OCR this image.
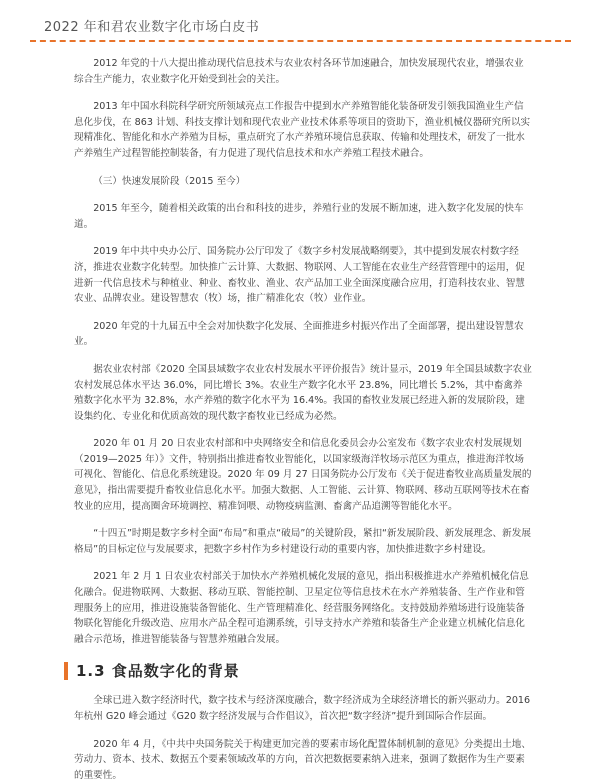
2022 年和君农业数字化市场白皮书

2012 年党的十八大提出推动现代信息技术与农业农村各环节加速融合，加快发展现代农业，增强农业综合生产能力，农业数字化开始受到社会的关注。

2013 年中国水科院科学研究所领域亮点工作报告中提到水产养殖智能化装备研发引领我国渔业生产信息化步伐，在 863 计划、科技支撑计划和现代农业产业技术体系等项目的资助下，渔业机械仪器研究所以实现精准化、智能化和水产养殖为目标，重点研究了水产养殖环境信息获取、传输和处理技术，研发了一批水产养殖生产过程智能控制装备，有力促进了现代信息技术和水产养殖工程技术融合。

（三）快速发展阶段（2015 至今）

2015 年至今，随着相关政策的出台和科技的进步，养殖行业的发展不断加速，进入数字化发展的快车道。

2019 年中共中央办公厅、国务院办公厅印发了《数字乡村发展战略纲要》，其中提到发展农村数字经济，推进农业数字化转型。加快推广云计算、大数据、物联网、人工智能在农业生产经营管理中的运用，促进新一代信息技术与种植业、种业、畜牧业、渔业、农产品加工业全面深度融合应用，打造科技农业、智慧农业、品牌农业。建设智慧农（牧）场，推广精准化农（牧）业作业。

2020 年党的十九届五中全会对加快数字化发展、全面推进乡村振兴作出了全面部署，提出建设智慧农业。

据农业农村部《2020 全国县域数字农业农村发展水平评价报告》统计显示，2019 年全国县域数字农业农村发展总体水平达 36.0%，同比增长 3%。农业生产数字化水平 23.8%，同比增长 5.2%，其中畜禽养殖数字化水平为 32.8%，水产养殖的数字化水平为 16.4%。我国的畜牧业发展已经进入新的发展阶段，建设集约化、专业化和优质高效的现代数字畜牧业已经成为必然。

2020 年 01 月 20 日农业农村部和中央网络安全和信息化委员会办公室发布《数字农业农村发展规划（2019—2025 年）》文件，特别指出推进畜牧业智能化，以国家级海洋牧场示范区为重点，推进海洋牧场可视化、智能化、信息化系统建设。2020 年 09 月 27 日国务院办公厅发布《关于促进畜牧业高质量发展的意见》，指出需要提升畜牧业信息化水平。加强大数据、人工智能、云计算、物联网、移动互联网等技术在畜牧业的应用，提高圈舍环境调控、精准饲喂、动物疫病监测、畜禽产品追溯等智能化水平。

“十四五”时期是数字乡村全面“布局”和重点“破局”的关键阶段，紧扣“新发展阶段、新发展理念、新发展格局”的目标定位与发展要求，把数字乡村作为乡村建设行动的重要内容，加快推进数字乡村建设。

2021 年 2 月 1 日农业农村部关于加快水产养殖机械化发展的意见，指出积极推进水产养殖机械化信息化融合。促进物联网、大数据、移动互联、智能控制、卫星定位等信息技术在水产养殖装备、生产作业和管理服务上的应用，推进设施装备智能化、生产管理精准化、经营服务网络化。支持鼓励养殖场进行设施装备物联化智能化升级改造、应用水产品全程可追溯系统，引导支持水产养殖和装备生产企业建立机械化信息化融合示范场，推进智能装备与智慧养殖融合发展。

1.3 食品数字化的背景

全球已进入数字经济时代，数字技术与经济深度融合，数字经济成为全球经济增长的新兴驱动力。2016 年杭州 G20 峰会通过《G20 数字经济发展与合作倡议》，首次把“数字经济”提升到国际合作层面。

2020 年 4 月，《中共中央国务院关于构建更加完善的要素市场化配置体制机制的意见》分类提出土地、劳动力、资本、技术、数据五个要素领域改革的方向，首次把数据要素纳入进来，强调了数据作为生产要素的重要性。
